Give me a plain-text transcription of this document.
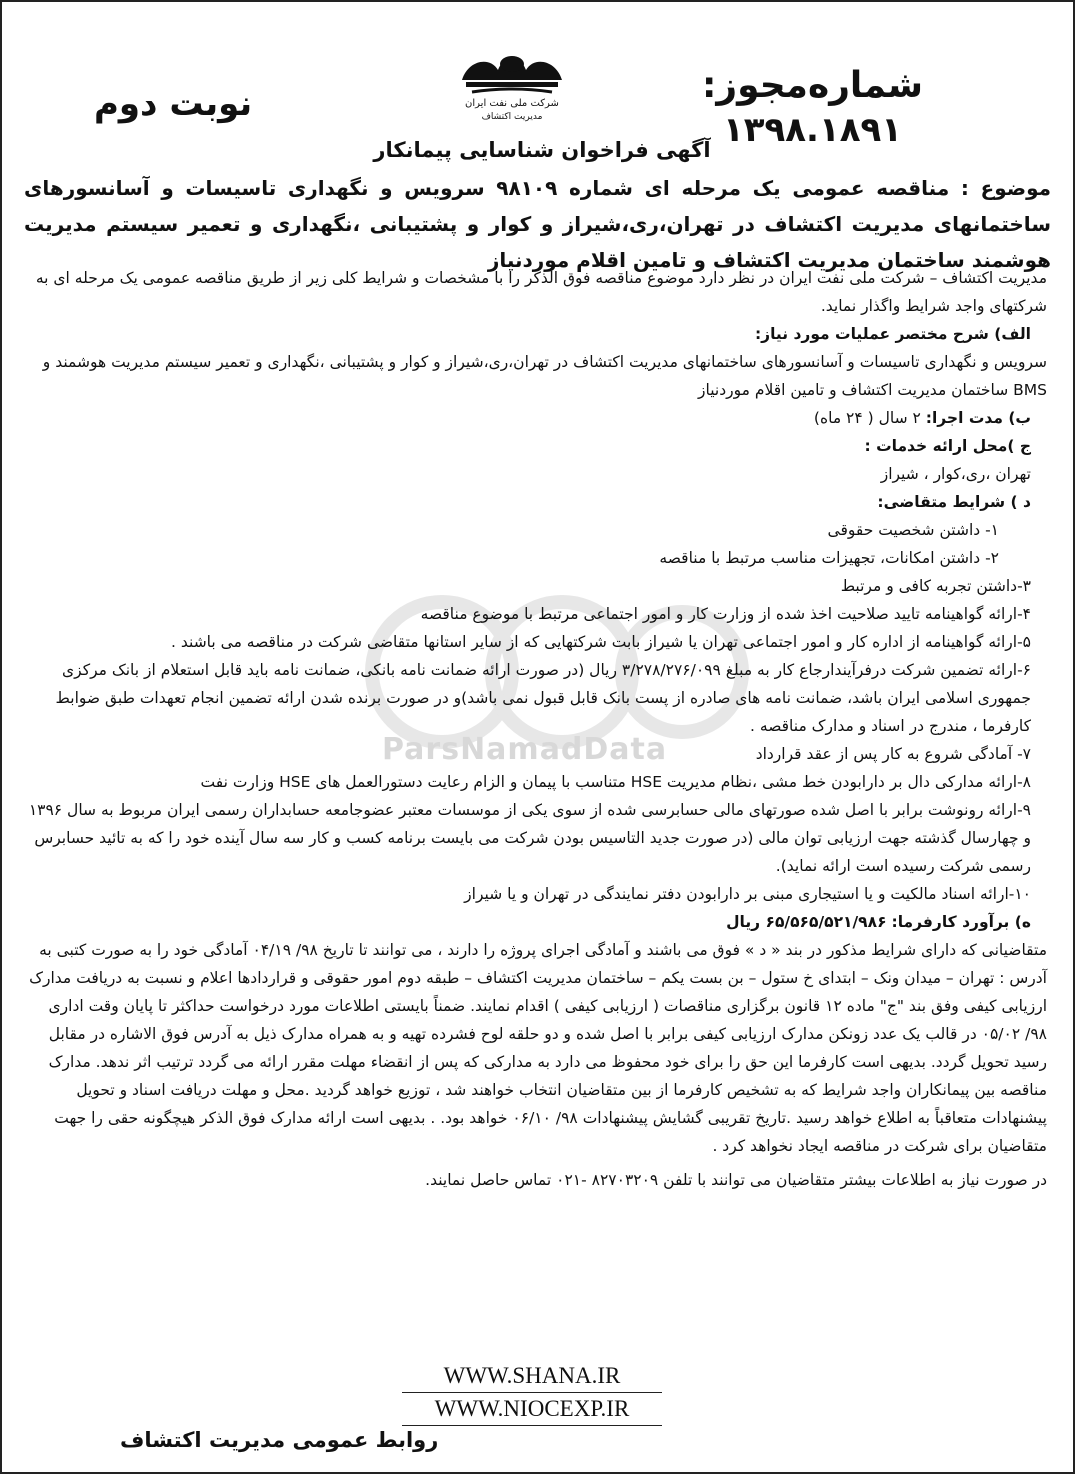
شماره‌مجوز:
۱۳۹۸.۱۸۹۱
نوبت دوم	شرکت ملی نفت ایران
مدیریت اکتشاف
آگهی فراخوان شناسایی پیمانکار
موضوع : مناقصه عمومی یک مرحله ای شماره ۹۸۱۰۹ سرویس و نگهداری تاسیسات و آسانسورهای ساختمانهای مدیریت اکتشاف در تهران،ری،شیراز و کوار و پشتیبانی ،نگهداری و تعمیر سیستم مدیریت هوشمند ساختمان مدیریت اکتشاف و تامین اقلام موردنیاز
ParsNamadData

مدیریت اکتشاف – شرکت ملی نفت ایران در نظر دارد موضوع مناقصه فوق الذکر را با مشخصات و شرایط کلی زیر از طریق مناقصه عمومی یک مرحله ای به شرکتهای واجد شرایط واگذار نماید.

الف) شرح مختصر عملیات مورد نیاز:

سرویس و نگهداری تاسیسات و آسانسورهای ساختمانهای مدیریت اکتشاف در تهران،ری،شیراز و کوار و پشتیبانی ،نگهداری و تعمیر سیستم مدیریت هوشمند و BMS ساختمان مدیریت اکتشاف و تامین اقلام موردنیاز

ب) مدت اجرا: ۲ سال ( ۲۴ ماه)

ج )محل ارائه خدمات :

تهران ،ری،کوار ، شیراز

د ) شرایط متقاضی:

۱- داشتن شخصیت حقوقی

۲- داشتن امکانات، تجهیزات مناسب مرتبط با مناقصه

۳-داشتن تجربه کافی و مرتبط

۴-ارائه گواهینامه تایید صلاحیت اخذ شده از وزارت کار و امور اجتماعی مرتبط با موضوع مناقصه

۵-ارائه گواهینامه از اداره کار و امور اجتماعی تهران یا شیراز بابت شرکتهایی که از سایر استانها متقاضی شرکت در مناقصه می باشند .

۶-ارائه تضمین شرکت درفرآیندارجاع کار به مبلغ ۳/۲۷۸/۲۷۶/۰۹۹ ریال (در صورت ارائه ضمانت نامه بانکی، ضمانت نامه باید قابل استعلام از بانک مرکزی جمهوری اسلامی ایران باشد، ضمانت نامه های صادره از پست بانک قابل قبول نمی باشد)و در صورت برنده شدن ارائه تضمین انجام تعهدات طبق ضوابط کارفرما ، مندرج در اسناد و مدارک مناقصه .

۷- آمادگی شروع به کار پس از عقد قرارداد

۸-ارائه مدارکی دال بر دارابودن خط مشی ،نظام مدیریت HSE متناسب با پیمان و الزام رعایت دستورالعمل های HSE وزارت نفت

۹-ارائه رونوشت برابر با اصل شده صورتهای مالی حسابرسی شده از سوی یکی از موسسات معتبر عضوجامعه حسابداران رسمی ایران مربوط به سال ۱۳۹۶ و چهارسال گذشته جهت ارزیابی توان مالی (در صورت جدید التاسیس بودن شرکت می بایست برنامه کسب و کار سه سال آینده خود را که به تائید حسابرس رسمی شرکت رسیده است ارائه نماید).

۱۰-ارائه اسناد مالکیت و یا استیجاری مبنی بر دارابودن دفتر نمایندگی در تهران و یا شیراز

ه) برآورد کارفرما: ۶۵/۵۶۵/۵۲۱/۹۸۶ ریال

متقاضیانی که دارای شرایط مذکور در بند « د » فوق می باشند و آمادگی اجرای پروژه را دارند ، می توانند تا تاریخ ۹۸/ ۰۴/۱۹ آمادگی خود را به صورت کتبی به آدرس : تهران – میدان ونک – ابتدای خ ستول – بن بست یکم – ساختمان مدیریت اکتشاف – طبقه دوم امور حقوقی و قراردادها اعلام و نسبت به دریافت مدارک ارزیابی کیفی وفق بند "ج" ماده ۱۲ قانون برگزاری مناقصات ( ارزیابی کیفی ) اقدام نمایند. ضمناً بایستی اطلاعات مورد درخواست حداکثر تا پایان وقت اداری ۹۸/ ۰۵/۰۲ در قالب یک عدد زونکن مدارک ارزیابی کیفی برابر با اصل شده و دو حلقه لوح فشرده تهیه و به همراه مدارک ذیل به آدرس فوق الاشاره در مقابل رسید تحویل گردد. بدیهی است کارفرما این حق را برای خود محفوظ می دارد به مدارکی که پس از انقضاء مهلت مقرر ارائه می گردد ترتیب اثر ندهد. مدارک مناقصه بین پیمانکاران واجد شرایط که به تشخیص کارفرما از بین متقاضیان انتخاب خواهند شد ، توزیع خواهد گردید .محل و مهلت دریافت اسناد و تحویل پیشنهادات متعاقباً به اطلاع خواهد رسید .تاریخ تقریبی گشایش پیشنهادات ۹۸/ ۰۶/۱۰ خواهد بود. . بدیهی است ارائه مدارک فوق الذکر هیچگونه حقی را جهت متقاضیان برای شرکت در مناقصه ایجاد نخواهد کرد .

در صورت نیاز به اطلاعات بیشتر متقاضیان می توانند با تلفن ۸۲۷۰۳۲۰۹ -۰۲۱ تماس حاصل نمایند.

WWW.SHANA.IR
WWW.NIOCEXP.IR
روابط عمومی مدیریت اکتشاف
